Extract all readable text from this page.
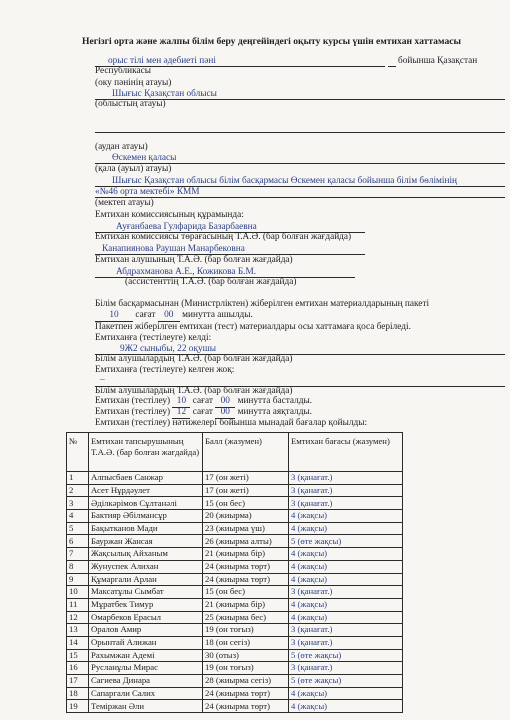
Негізгі орта және жалпы білім беру деңгейіндегі оқыту курсы үшін емтихан хаттамасы
орыс тілі мен әдебиеті пәні	бойынша Қазақстан
Республикасы
(оку пәнінің атауы)
Шығыс Қазақстан облысы
(облыстың атауы)
(аудан атауы)
Өскемен қаласы
(қала (ауыл) атауы)
Шығыс Қазақстан облысы білім басқармасы Өскемен қаласы бойынша білім бөлімінің
«№46 орта мектебі» КММ
(мектеп атауы)
Емтихан комиссиясының құрамында:
Ауғанбаева Гулфарида Базарбаевна
Емтихан комиссиясы төрағасының Т.А.Ә. (бар болған жағдайда)
Канапиянова Раушан Манарбековна
Емтихан алушының Т.А.Ә. (бар болған жағдайда)
Абдрахманова А.Е., Кожикова Б.М.
(ассистенттің Т.А.Ә. (бар болған жағдайда)
Білім басқармасынан (Министрліктен) жіберілген емтихан материалдарының пакеті
10 сағат 00 минутта ашылды.
Пакетпен жіберілген емтихан (тест) материалдары осы хаттамаға қоса беріледі.
Емтиханға (тестілеуге) келді:
9Ж2 сыныбы, 22 оқушы
Білім алушылардың Т.А.Ә. (бар болған жағдайда)
Емтиханға (тестілеуге) келген жоқ:
–
Білім алушылардың Т.А.Ә. (бар болған жағдайда)
Емтихан (тестілеу) 10 сағат 00 минутта басталды.
Емтихан (тестілеу) 12 сағат 00 минутта аяқталды.
Емтихан (тестілеу) нәтижелері бойынша мынадай бағалар қойылды:
№	Емтихан тапсырушының Т.А.Ә. (бар болған жағдайда)	Балл (жазумен)	Емтихан бағасы (жазумен)
1	Алпысбаев Санжар	17 (он жеті)	3 (қанағат.)
2	Асет Нұрдәулет	17 (он жеті)	3 (қанағат.)
3	Әділкәрімов Сұлтанәлі	15 (он бес)	3 (қанағат.)
4	Бактияр Әбілмансұр	20 (жиырма)	4 (жақсы)
5	Бақытканов Мади	23 (жиырма үш)	4 (жақсы)
6	Бауржан Жансая	26 (жиырма алты)	5 (өте жақсы)
7	Жақсылық Айханым	21 (жиырма бір)	4 (жақсы)
8	Жунуспек Алихан	24 (жиырма төрт)	4 (жақсы)
9	Құмаргали Арлан	24 (жиырма төрт)	4 (жақсы)
10	Максатұлы Сымбат	15 (он бес)	3 (қанағат.)
11	Мұратбек Тимур	21 (жиырма бір)	4 (жақсы)
12	Омарбеков Ерасыл	25 (жиырма бес)	4 (жақсы)
13	Оралов Амир	19 (он тоғыз)	3 (қанағат.)
14	Орынтай Алижан	18 (он сегіз)	3 (қанағат.)
15	Рахымжан Адемі	30 (отыз)	5 (өте жақсы)
16	Русланұлы Мирас	19 (он тоғыз)	3 (қанағат.)
17	Сагиева Динара	28 (жиырма сегіз)	5 (өте жақсы)
18	Сапаргали Салих	24 (жиырма төрт)	4 (жақсы)
19	Теміржан Әли	24 (жиырма төрт)	4 (жақсы)
